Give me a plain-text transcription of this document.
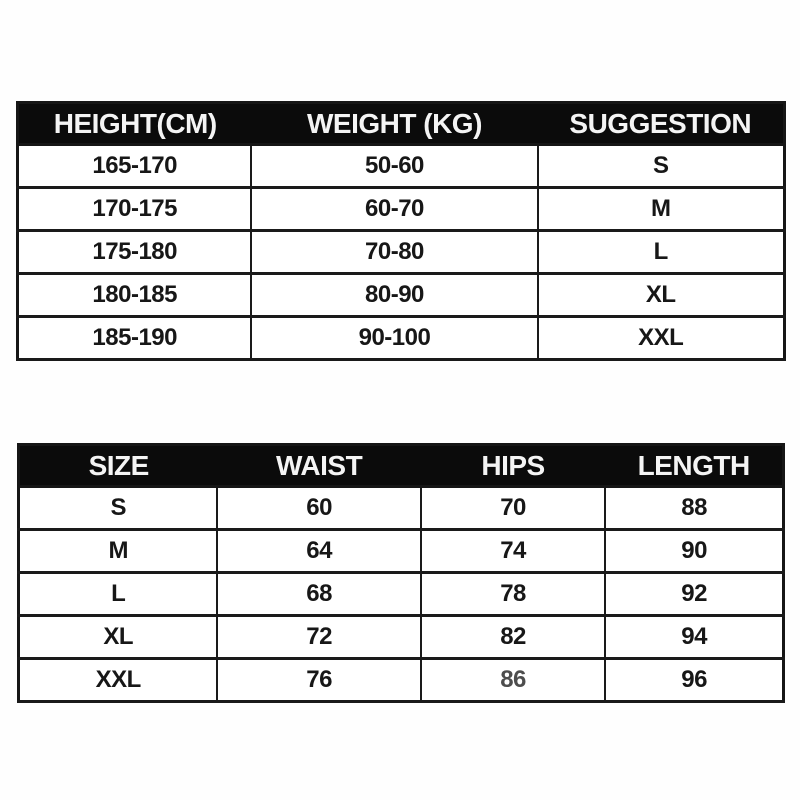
HEIGHT(CM)	WEIGHT (KG)	SUGGESTION
165-170	50-60	S
170-175	60-70	M
175-180	70-80	L
180-185	80-90	XL
185-190	90-100	XXL
SIZE	WAIST	HIPS	LENGTH
S	60	70	88
M	64	74	90
L	68	78	92
XL	72	82	94
XXL	76	86	96
